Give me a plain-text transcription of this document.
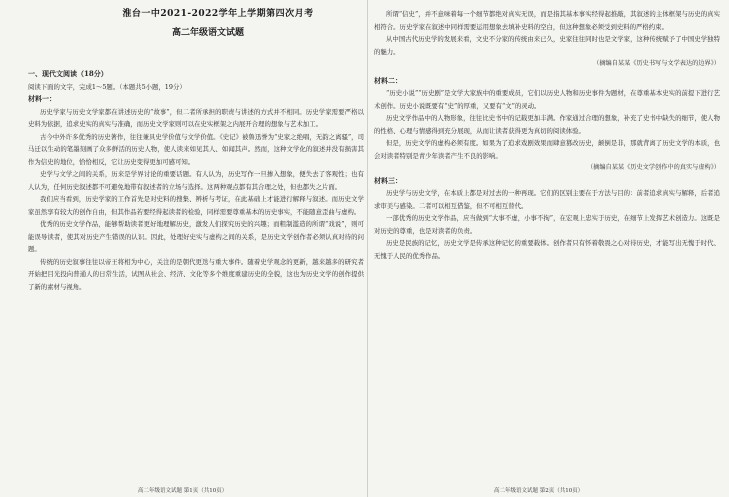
淮台一中2021-2022学年上学期第四次月考
高二年级语文试题
一、现代文阅读（18分）
阅读下面的文字，完成1～5题。（本题共5小题，19分）
材料一：

历史学家与历史文学家都在讲述历史的“故事”，但二者所承担的职责与讲述的方式并不相同。历史学家需要严格以史料为依据，追求史实的真实与准确，而历史文学家则可以在史实框架之内展开合理的想象与艺术加工。

古今中外许多优秀的历史著作，往往兼具史学价值与文学价值。《史记》被鲁迅誉为“史家之绝唱，无韵之离骚”，司马迁以生动的笔墨刻画了众多鲜活的历史人物，使人读来如见其人、如闻其声。然而，这种文学化的叙述并没有损害其作为信史的地位，恰恰相反，它让历史变得更加可感可知。

史学与文学之间的关系，历来是学界讨论的重要话题。有人认为，历史写作一旦掺入想象，便失去了客观性；也有人认为，任何历史叙述都不可避免地带有叙述者的立场与选择。这两种观点都有其合理之处，但也都失之片面。

我们应当看到，历史学家的工作首先是对史料的搜集、辨析与考证，在此基础上才能进行解释与叙述。而历史文学家虽然享有较大的创作自由，但其作品若要经得起读者的检验，同样需要尊重基本的历史事实，不能随意歪曲与虚构。

优秀的历史文学作品，能够帮助读者更好地理解历史，激发人们探究历史的兴趣；而粗制滥造的所谓“戏说”，则可能误导读者，使其对历史产生错误的认识。因此，处理好史实与虚构之间的关系，是历史文学创作者必须认真对待的问题。

传统的历史叙事往往以帝王将相为中心，关注的是朝代更迭与重大事件。随着史学观念的更新，越来越多的研究者开始把目光投向普通人的日常生活，试图从社会、经济、文化等多个维度重建历史的全貌，这也为历史文学的创作提供了新的素材与视角。

高二年级语文试题 第1页（共10页）

所谓“信史”，并不意味着每一个细节都绝对真实无误，而是指其基本事实经得起推敲，其叙述的主体框架与历史的真实相符合。历史学家在叙述中同样需要运用想象去填补史料的空白，但这种想象必须受到史料的严格约束。

从中国古代历史学的发展来看，文史不分家的传统由来已久，史家往往同时也是文学家，这种传统赋予了中国史学独特的魅力。

（摘编自某某《历史书写与文学表达的边界》）
材料二：

“历史小说”“历史剧”是文学大家族中的重要成员，它们以历史人物和历史事件为题材，在尊重基本史实的前提下进行艺术创作。历史小说既要有“史”的厚重，又要有“文”的灵动。

历史文学作品中的人物形象，往往比史书中的记载更加丰满。作家通过合理的想象，补充了史书中缺失的细节，使人物的性格、心理与情感得到充分展现，从而让读者获得更为真切的阅读体验。

但是，历史文学的虚构必须有度。如果为了追求戏剧效果而肆意篡改历史，颠倒是非，那就背离了历史文学的本质，也会对读者特别是青少年读者产生不良的影响。

（摘编自某某《历史文学创作中的真实与虚构》）
材料三：

历史学与历史文学，在本质上都是对过去的一种再现。它们的区别主要在于方法与目的：前者追求真实与解释，后者追求审美与感染。二者可以相互借鉴，但不可相互替代。

一部优秀的历史文学作品，应当做到“大事不虚，小事不拘”，在宏观上忠实于历史，在细节上发挥艺术创造力。这既是对历史的尊重，也是对读者的负责。

历史是民族的记忆，历史文学是传承这种记忆的重要载体。创作者只有怀着敬畏之心对待历史，才能写出无愧于时代、无愧于人民的优秀作品。

高二年级语文试题 第2页（共10页）
